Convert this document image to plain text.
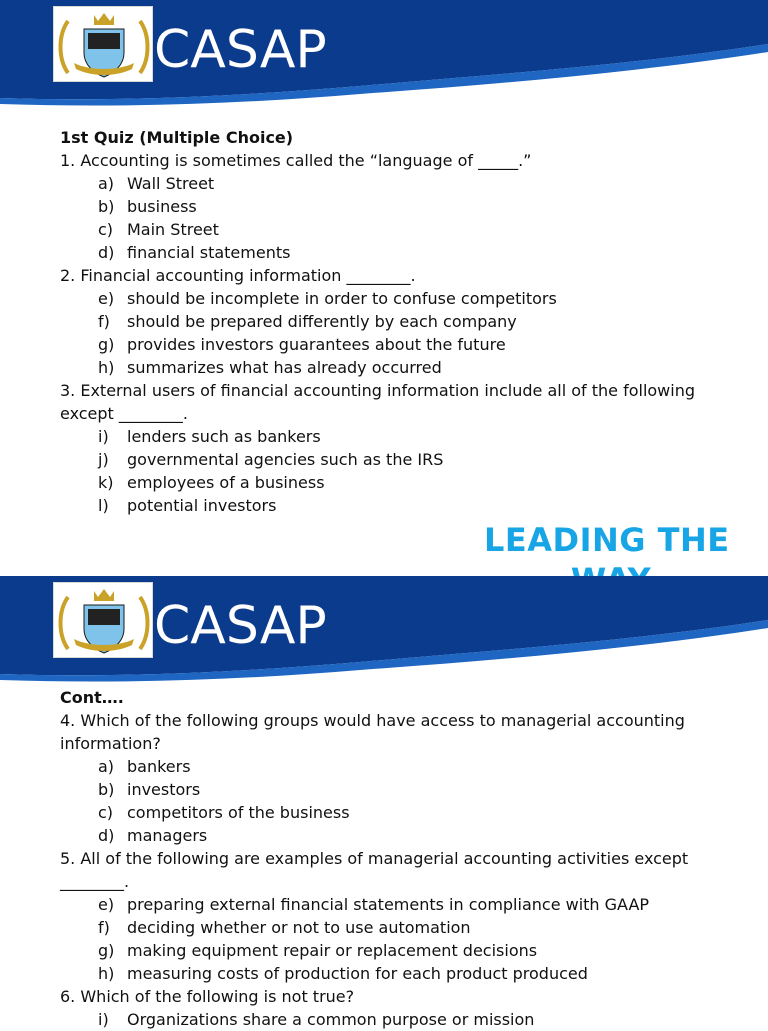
CASAP
1st Quiz (Multiple Choice)
1. Accounting is sometimes called the “language of _____.”
a) Wall Street
b) business
c) Main Street
d) financial statements
2. Financial accounting information ________.
e) should be incomplete in order to confuse competitors
f)	should be prepared differently by each company
g) provides investors guarantees about the future
h) summarizes what has already occurred
3. External users of financial accounting information include all of the following except ________.
i)	lenders such as bankers
j)	governmental agencies such as the IRS
k) employees of a business
l)	potential investors
LEADING THE
CASAP
Cont….
4. Which of the following groups would have access to managerial accounting information?
a) bankers
b) investors
c) competitors of the business
d) managers
5. All of the following are examples of managerial accounting activities except ________.
e) preparing external financial statements in compliance with GAAP
f)	deciding whether or not to use automation
g) making equipment repair or replacement decisions
h) measuring costs of production for each product produced
6. Which of the following is not true?
i)	Organizations share a common purpose or mission
